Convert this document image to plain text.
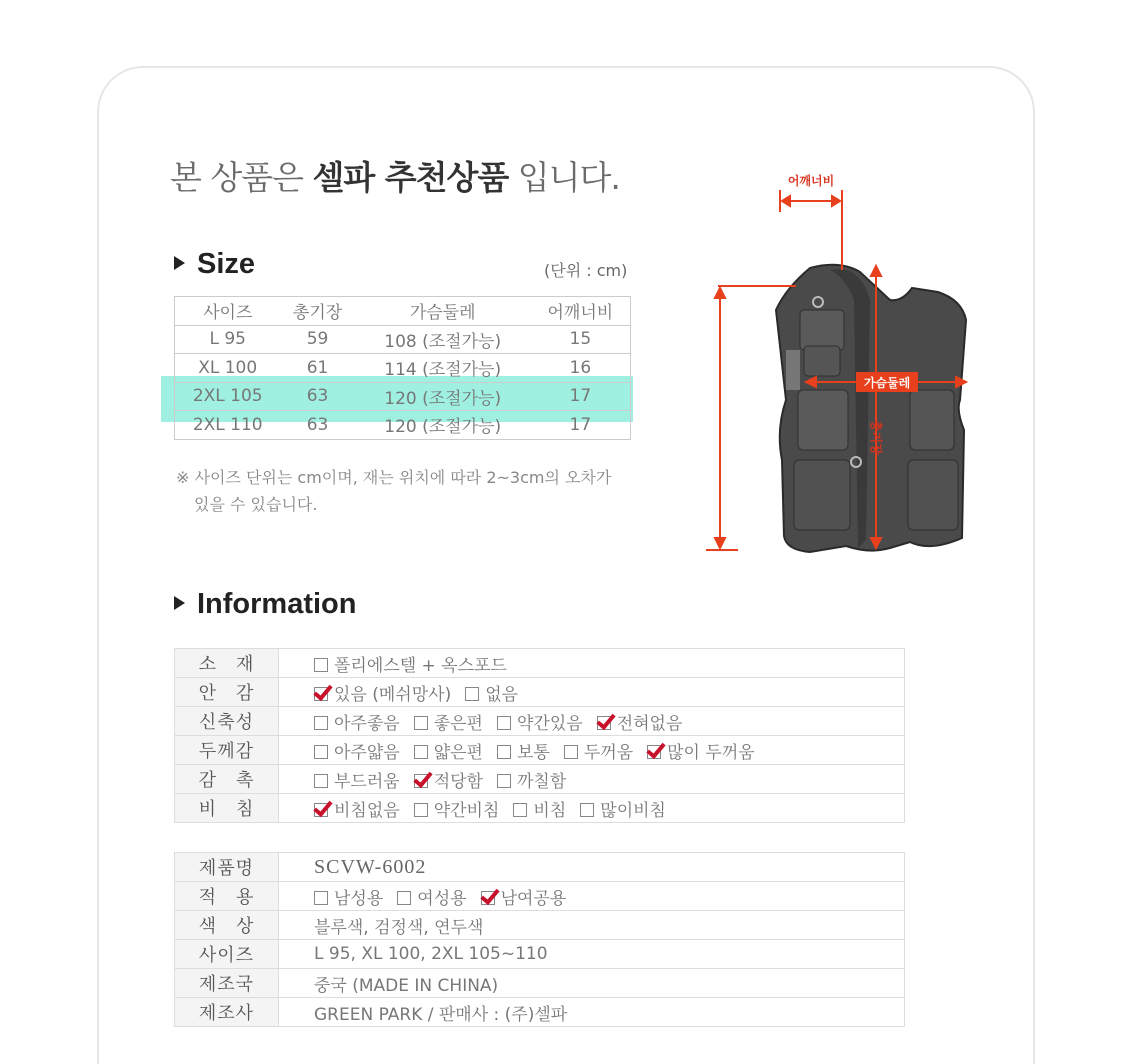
본 상품은 셀파 추천상품 입니다.
Size	(단위 : cm)
사이즈	총기장	가슴둘레	어깨너비
L 95	59	108 (조절가능)	15
XL 100	61	114 (조절가능)	16
2XL 105	63	120 (조절가능)	17
2XL 110	63	120 (조절가능)	17
※ 사이즈 단위는 cm이며, 재는 위치에 따라 2~3cm의 오차가
있을 수 있습니다.
어깨너비
총기장
가슴둘레
Information
소　재	폴리에스텔 + 옥스포드
안　감	있음 (메쉬망사) 없음
신축성	아주좋음 좋은편 약간있음 전혀없음
두께감	아주얇음 얇은편 보통 두꺼움 많이 두꺼움
감　촉	부드러움 적당함 까칠함
비　침	비침없음 약간비침 비침 많이비침
제품명	SCVW-6002
적　용	남성용 여성용 남여공용
색　상	블루색, 검정색, 연두색
사이즈	L 95, XL 100, 2XL 105~110
제조국	중국 (MADE IN CHINA)
제조사	GREEN PARK / 판매사 : (주)셀파
